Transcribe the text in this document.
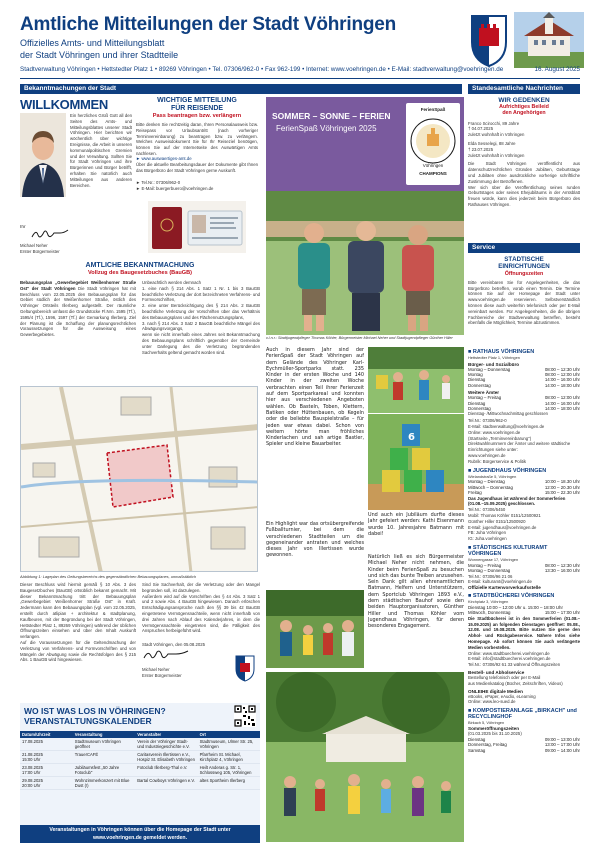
Amtliche Mitteilungen der Stadt Vöhringen
Offizielles Amts- und Mitteilungsblatt
der Stadt Vöhringen und ihrer Stadtteile
Stadtverwaltung Vöhringen • Hettstedter Platz 1 • 89269 Vöhringen • Tel. 07306/962-0 • Fax 962-199 • Internet: www.voehringen.de • E-Mail: stadtverwaltung@voehringen.de	16. August 2025
Bekanntmachungen der Stadt	Standesamtliche Nachrichten
WILLKOMMEN
Ein herzliches Grüß Gott all den Seiten des Amts- und Mitteilungsblattes unserer Stadt Vöhringen. Hier berichten wir wöchentlich über wichtige Ereignisse, die Arbeit in unseren kommunalpolitischen Gremien und der Verwaltung. Sollten Sie für Stadt Vöhringen und ihre Bürgerinnen und Bürger betrifft, erhalten Sie natürlich auch Mitteilungen aus anderen Bereichen.
Ihr
Michael Neher
Erster Bürgermeister
WICHTIGE MITTEILUNG
FÜR REISENDE
Pass beantragen bzw. verlängern
Bitte denken Sie rechtzeitig daran, Ihren Personalausweis bzw. Reisepass vor Urlaubsantritt (nach vorheriger Terminvereinbarung) zu beantragen bzw. zu verlängern. Welches Ausweisdokument Sie für Ihr Reiseziel benötigen, können Sie auf der Internetseite des Auswärtigen Amts nachlesen.
► www.auswaertiges-amt.de
Über die aktuelle Bearbeitungsdauer der Dokumente gibt Ihnen das Bürgerbüro der Stadt Vöhringen gerne Auskunft.
► Tel.Nr.: 07306/962-0
► E-Mail: buergerbuero@voehringen.de
AMTLICHE BEKANNTMACHUNG
Vollzug des Baugesetzbuches (BauGB)
Bebauungsplan „Gewerbegebiet Weißenhorner Straße Ost" der Stadt Vöhringen Die Stadt Vöhringen hat mit Beschluss vom 22.05.2025 den Bebauungsplan für das Gebiet südlich der Weißenhorner Straße, östlich des Vöhringer Ortsteils Illerberg aufgestellt. Der räumliche Geltungsbereich umfasst die Grundstücke Fl.Nrn. 1595 (Tf.), 1595/4 (Tf.), 1596, 1597 (Tf.) der Gemarkung Illerberg. Ziel der Planung ist die Schaffung der planungsrechtlichen Voraussetzungen für die Ausweisung eines Gewerbegebietes.
Unbeachtlich werden demnach
1. eine nach § 214 Abs. 1 Satz 1 Nr. 1 bis 3 BauGB beachtliche Verletzung der dort bezeichneten Verfahrens- und Formvorschriften,
2. eine unter Berücksichtigung des § 214 Abs. 2 BauGB beachtliche Verletzung der Vorschriften über das Verhältnis des Bebauungsplans und des Flächennutzungsplans,
3. nach § 214 Abs. 3 Satz 2 BauGB beachtliche Mängel des Abwägungsvorgangs,
wenn sie nicht innerhalb eines Jahres seit Bekanntmachung des Bebauungsplans schriftlich gegenüber der Gemeinde unter Darlegung des die Verletzung begründenden Sachverhalts geltend gemacht worden sind.
Abbildung 1: Lageplan des Geltungsbereichs des gegenständlichen Bebauungsplanes, unmaßstäblich
Dieser Beschluss wird hiermit gemäß § 10 Abs. 3 des Baugesetzbuches (BauGB) ortsüblich bekannt gemacht. Mit dieser Bekanntmachung tritt der Bebauungsplan „Gewerbegebiet Weißenhorner Straße Ost" in Kraft. Jedermann kann den Bebauungsplan (vgl. vom 22.05.2025, erstellt durch atlipian + architektur & stadtplanung, Kaufbeuren, mit der Begründung bei der Stadt Vöhringen, Hettstedter Platz 1, 89269 Vöhringen) während der üblichen Öffnungszeiten einsehen und über den Inhalt Auskunft verlangen.
Auf die Voraussetzungen für die Geltendmachung der Verletzung von Verfahrens- und Formvorschriften und von Mängeln der Abwägung sowie die Rechtsfolgen des § 215 Abs. 1 BauGB wird hingewiesen.
Sind Sie Sachverhalt, der die Verletzung oder den Mangel begründen soll, ist darzulegen.
Außerdem wird auf die Vorschriften des § 44 Abs. 3 Satz 1 und 2 sowie Abs. 4 BauGB hingewiesen. Danach erlöschen Entschädigungsansprüche nach den §§ 39 bis 42 BauGB eingetretene Vermögensnachteile, wenn nicht innerhalb von drei Jahren nach Ablauf des Kalenderjahres, in dem die Vermögensnachteile eingetreten sind, die Fälligkeit des Anspruches herbeigeführt wird.
Stadt Vöhringen, den 05.08.2025
Michael Neher
Erster Bürgermeister
WO IST WAS LOS IN VÖHRINGEN?
VERANSTALTUNGSKALENDER
Datum/Uhrzeit	Veranstaltung	Veranstalter	Ort
17.08.2025	Stadtmuseum Vöhringen geöffnet	Verein der Vöhringer Stadt- und Industriegeschichte e.V.	Stadtmuseum, Ulmer Str. 25, Vöhringen
21.08.2025
15:00 Uhr	TrauerCAFÉ	Caritasverein Illertissen e.V., Hospiz St. Elisabeth Vöhringen	Pfarrheim St. Michael, Kirchplatz 4, Vöhringen
23.08.2025
17:00 Uhr	Jubiläumsfest „50 Jahre Fotoclub"	Fotoclub Illerberg-Thal e.V.	Heilt Anderas g. Str. 1, Schlossweg 105, Vöhringen
29.08.2025
20:00 Uhr	Wohnzimmerkonzert mit Blue Dust (!)	Bartal Cowboys Vöhringen e.V.	altes Sportheim Illerberg
Veranstaltungen in Vöhringen können über die Homepage der Stadt unter
www.voehringen.de gemeldet werden.
SOMMER – SONNE – FERIEN
FerienSpaß Vöhringen 2025
FerienSpaß
Vöhringen
CHAMPIONS
v.l.n.r.: Stadtjugendpfleger Thomas Köhler, Bürgermeister Michael Neher und Stadtjugendpfleger Günther Hiller
Auch in diesem Jahr sind der FerienSpaß der Stadt Vöhringen auf dem Gelände des Vöhringer Karl-Eychmüller-Sportparks statt. 235 Kinder in der ersten Woche und 140 Kinder in der zweiten Woche verbrachten einen Teil ihrer Ferienzeit auf dem Sportparkareal und konnten hier aus verschiedenen Angeboten wählen. Ob Basteln, Toben, Klettern, Batiken oder Hüttenbauen, ob Kegeln oder die beliebte Bauspielstraße – für jeden war etwas dabei. Schon von weitem hörte man fröhliches Kinderlachen und sah artige Bastler, Spieler und kleine Bauarbeiter.
Ein Highlight war das ortsübergreifende Fußballturnier, bei dem die verschiedenen Stadtteilen um die gegeneinander antraten und welches dieses Jahr von Illertissen wurde gewonnen.
6
Und auch ein Jubiläum durfte dieses Jahr gefeiert werden: Kathi Eisenmann wurde 10. Jahresjahre Batmann mit dabei!
Natürlich ließ es sich Bürgermeister Michael Neher nicht nehmen, die Kinder beim FerienSpaß zu besuchen und sich das bunte Treiben anzusehen. Sein Dank gilt allen ehrenamtlichen Batmann, Helfern und Unterstützern, dem Sportclub Vöhringen 1893 e.V., dem städtischen Bauhof sowie den beiden Hauptorganisatoren, Günther Hiller und Thomas Köhler vom Jugendhaus Vöhringen, für deren besonderes Engagement.
WIR GEDENKEN
Aufrichtiges Beileid
den Angehörigen
Franco Scirocchi, 89 Jahre
† 04.07.2025
zuletzt wohnhaft in Vöhringen
Elda Sesselegi, 88 Jahre
† 23.07.2025
zuletzt wohnhaft in Vöhringen
Die Stadt Vöhringen veröffentlicht aus datenschutzrechtlichen Gründen Jubiläen, Geburtstage und Jubiläen ohne ausdrückliche vorherige schriftliche Zustimmung der Betroffenen.
Wer sich über die Veröffentlichung seines runden Geburtstages oder seines Ehejubiläums in der Amtsblatt freuen würde, kann dies jederzeit beim Bürgerbüro des Rathauses Vöhringen.
Service
STÄDTISCHE
EINRICHTUNGEN
Öffnungszeiten
Bitte vereinbaren Sie für Angelegenheiten, die das Bürgerbüro betreffen, vorab einen Termin. Die Termine können Sie auf der Homepage der Stadt unter www.voehringen.de reservieren. Selbstverständlich können diese auch weiterhin telefonisch oder per E-Mail vereinbart werden. Für Angelegenheiten, die die übrigen Fachbereiche der Stadtverwaltung betreffen, besteht ebenfalls die Möglichkeit, Termine abzustimmen.
■ RATHAUS VÖHRINGEN
Hettstedter Platz 1, Vöhringen
Bürger- und Sozialbüro
Montag – Donnerstag	08:00 – 12:30 Uhr
Montag	08:00 – 12:00 Uhr
Dienstag	14:00 – 16:00 Uhr
Donnerstag	14:00 – 18:00 Uhr
Weitere Ämter
Montag – Freitag	08:00 – 12:00 Uhr
Dienstag	14:00 – 16:00 Uhr
Donnerstag	14:00 – 18:00 Uhr
Dienstag- /Mittwochnachmittag geschlossen
Tel.Nr.: 07306/962-0
E-Mail: stadtverwaltung@voehringen.de
Online: www.voehringen.de
(Startseite „Terminvereinbarung")
Direktwahlnummern der Ämter und weitere städtische Einrichtungen siehe unter:
www.voehringen.de
Rubrik: Bürgerservice & Politik
■ JUGENDHAUS VÖHRINGEN
Wielandstraße 5, Vöhringen
Montag – Dienstag	10:00 – 18.30 Uhr
Mittwoch – Donnerstag	12:00 – 20.30 Uhr
Freitag	15:00 – 22.30 Uhr
Das Jugendhaus ist während der Sommerferien (01.08.–15.09.2025) geschlossen.
Tel.Nr.: 07306/5450
Mobil: Thomas Köhler 0151/12500921
Günther Hiller 0151/12500920
E-Mail: jugendhaus@voehringen.de
FB: Juha Vöhringen
IG: Juha.voehringen
■ STÄDTISCHES KULTURAMT VÖHRINGEN
Wonnengasse 17, Vöhringen
Montag – Freitag	08:00 – 12:30 Uhr
Montag – Donnerstag	13:30 – 16:00 Uhr
Tel.Nr.: 07306/96 21 06
E-Mail: kulturamt@voehringen.de
Offizielle Kartenvorverkaufsstelle
■ STADTBÜCHEREI VÖHRINGEN
Kirchplatz 3, Vöhringen
Dienstag 10:00 – 12:00 Uhr u. 15:00 – 18:00 Uhr
Mittwoch, Donnerstag	15:00 – 17:00 Uhr
Die Stadtbücherei ist in den Sommerferien (01.08.–15.09.2025) an folgenden Dienstagen geöffnet: 05.08., 12.08. und 19.08.2025. Bitte nutzen Sie gerne den Abhol- und Rückgabeservice. Nähere Infos siehe Homepage. Ab sofort können Sie auch verlängerte Medien vorbestellen.
Online: www.stadtbuecherei.voehringen.de
E-Mail: info@stadtbuecherei.voehringen.de
Tel.Nr.: 07306/92 61 33 während Öffnungszeiten
Bestell- und Abholservice
Bestellung telefonisch oder per E-Mail
aus Medienkatalog (Bücher, Zeitschriften, Videos)
ONLEIHE digitale Medien
eBooks, ePaper, eAudio, eLearning
Online: www.leo-sued.de
■ KOMPOSTIERANLAGE „BIRKACH" und RECYCLINGHOF
Birkach 5, Vöhringen
Sommeröffnungszeiten
(01.03.2025 bis 31.10.2025)
Dienstag	09:00 – 13:00 Uhr
Donnerstag, Freitag	13:00 – 17:00 Uhr
Samstag	09:00 – 14:00 Uhr
